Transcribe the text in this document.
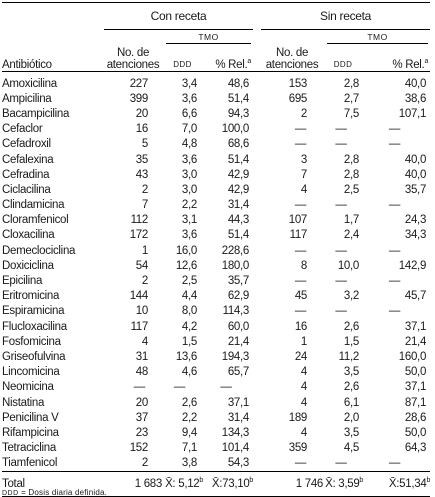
	Con receta				Sin receta		

		TMO				TMO	

Antibiótico	No. de
atenciones	DDD	% Rel.$^a$		No. de
atenciones	DDD	% Rel.$^a$
Amoxicilina	227	3,4	48,6		153	2,8	40,0
Ampicilina	399	3,6	51,4		695	2,7	38,6
Bacampicilina	20	6,6	94,3		2	7,5	107,1
Cefaclor	16	7,0	100,0		—	—	—
Cefadroxil	5	4,8	68,6		—	—	—
Cefalexina	35	3,6	51,4		3	2,8	40,0
Cefradina	43	3,0	42,9		7	2,8	40,0
Ciclacilina	2	3,0	42,9		4	2,5	35,7
Clindamicina	7	2,2	31,4		—	—	—
Cloramfenicol	112	3,1	44,3		107	1,7	24,3
Cloxacilina	172	3,6	51,4		117	2,4	34,3
Demeclociclina	1	16,0	228,6		—	—	—
Doxiciclina	54	12,6	180,0		8	10,0	142,9
Epicilina	2	2,5	35,7		—	—	—
Eritromicina	144	4,4	62,9		45	3,2	45,7
Espiramicina	10	8,0	114,3		—	—	—
Flucloxacilina	117	4,2	60,0		16	2,6	37,1
Fosfomicina	4	1,5	21,4		1	1,5	21,4
Griseofulvina	31	13,6	194,3		24	11,2	160,0
Lincomicina	48	4,6	65,7		4	3,5	50,0
Neomicina	—	—	—		4	2,6	37,1
Nistatina	20	2,6	37,1		4	6,1	87,1
Penicilina V	37	2,2	31,4		189	2,0	28,6
Rifampicina	23	9,4	134,3		4	3,5	50,0
Tetraciclina	152	7,1	101,4		359	4,5	64,3
Tiamfenicol	2	3,8	54,3		—	—	—
Total	1 683	X̄: 5,12$^b$	X̄:73,10$^b$		1 746	X̄: 3,59$^b$	X̄:51,34$^b$
DDD = Dosis diaria definida.
